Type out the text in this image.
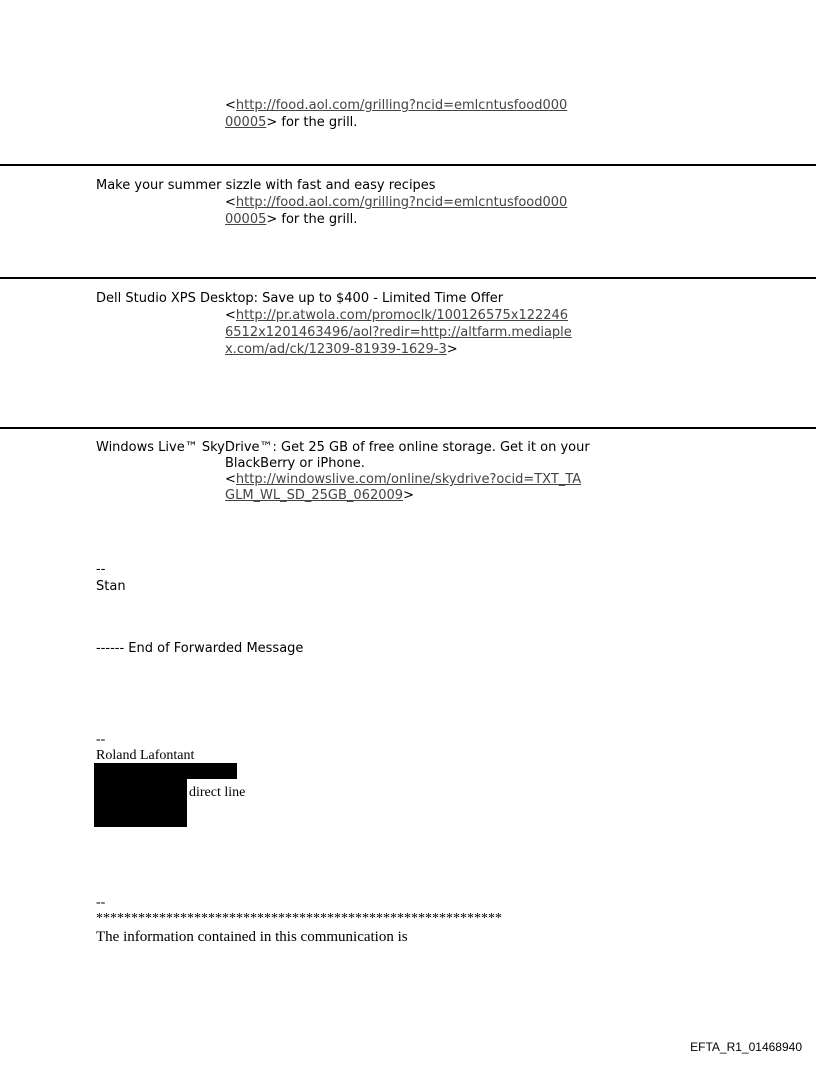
<http://food.aol.com/grilling?ncid=emlcntusfood000
00005> for the grill.
Make your summer sizzle with fast and easy recipes
<http://food.aol.com/grilling?ncid=emlcntusfood000
00005> for the grill.
Dell Studio XPS Desktop: Save up to $400 - Limited Time Offer
<http://pr.atwola.com/promoclk/100126575x122246
6512x1201463496/aol?redir=http://altfarm.mediaple
x.com/ad/ck/12309-81939-1629-3>
Windows Live™ SkyDrive™: Get 25 GB of free online storage. Get it on your
BlackBerry or iPhone.
<http://windowslive.com/online/skydrive?ocid=TXT_TA
GLM_WL_SD_25GB_062009>
--
Stan
------ End of Forwarded Message
--
Roland Lafontant
direct line
--
**********************************************************
The information contained in this communication is
EFTA_R1_01468940
